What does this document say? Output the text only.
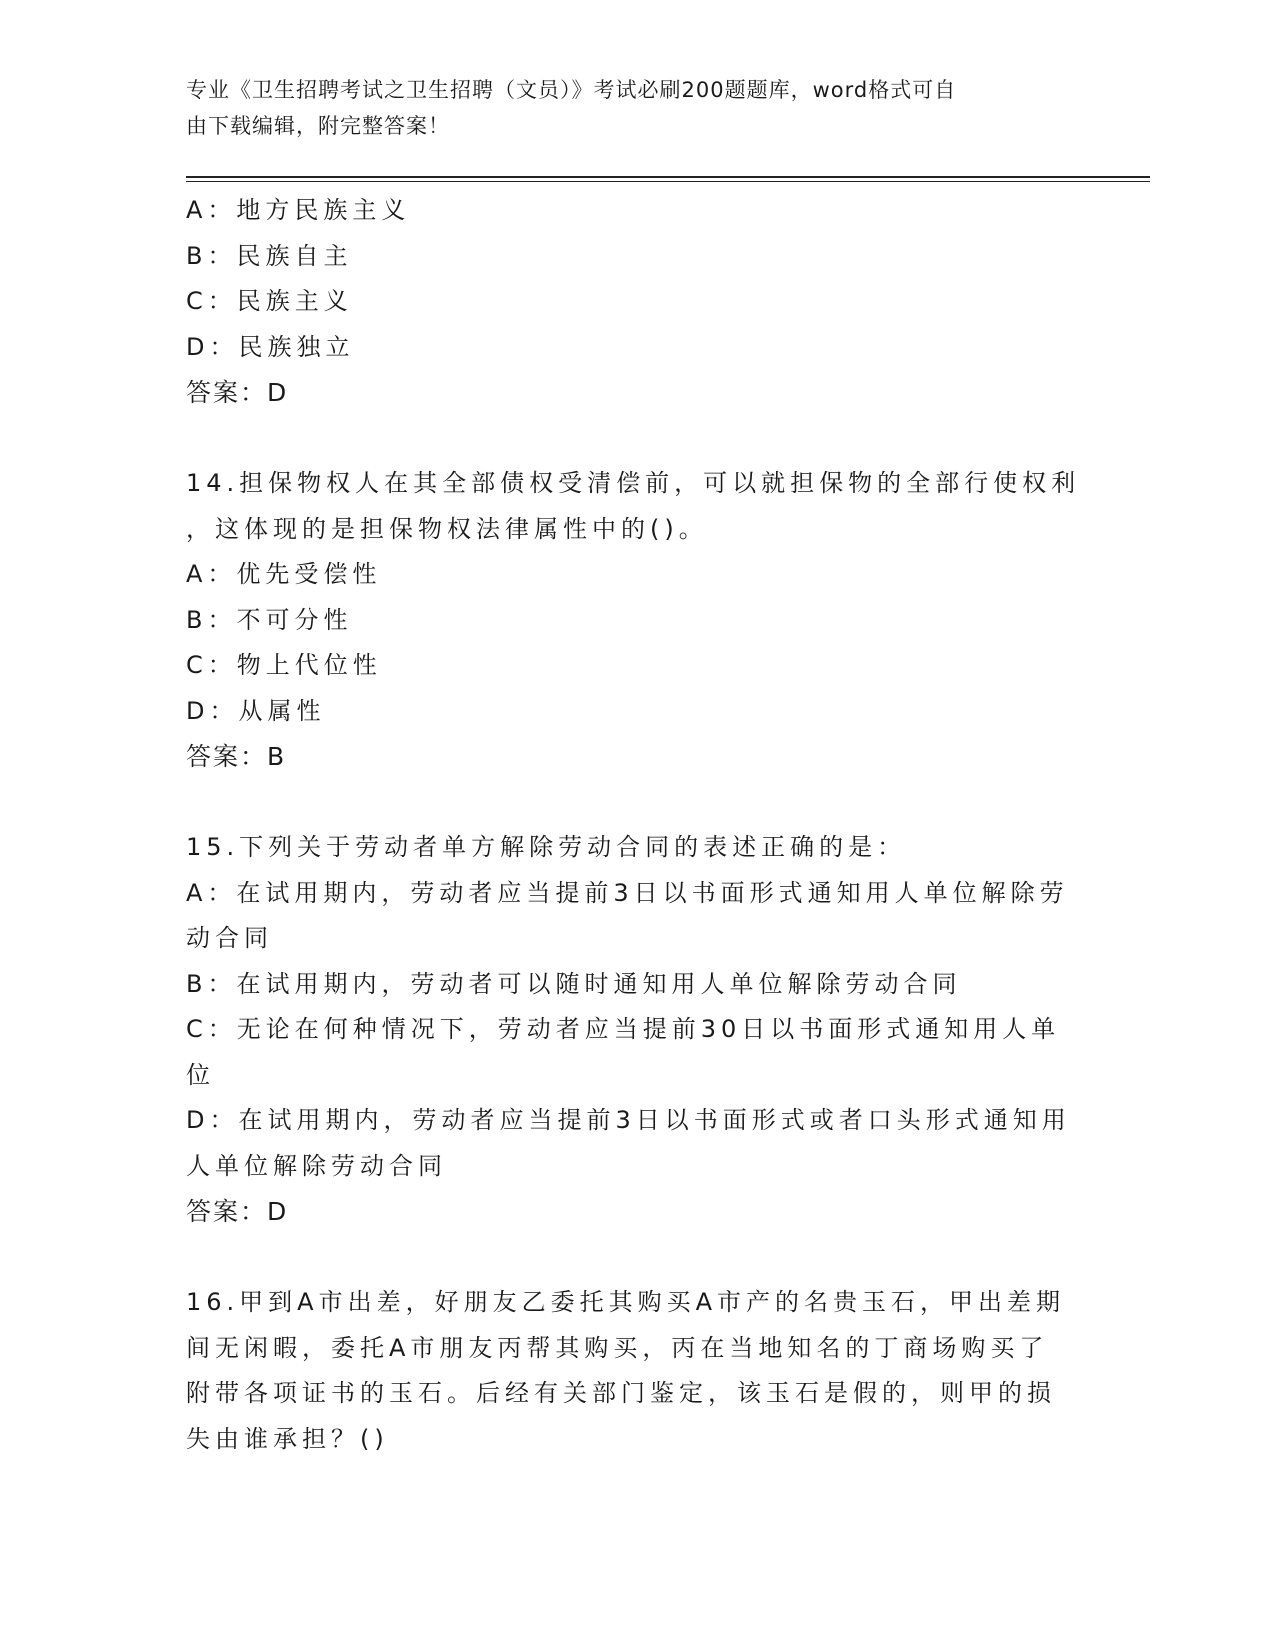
专业《卫生招聘考试之卫生招聘（文员）》考试必刷200题题库，word格式可自
由下载编辑，附完整答案！
A：地方民族主义
B：民族自主
C：民族主义
D：民族独立
答案：D
14.担保物权人在其全部债权受清偿前，可以就担保物的全部行使权利
，这体现的是担保物权法律属性中的()。
A：优先受偿性
B：不可分性
C：物上代位性
D：从属性
答案：B
15.下列关于劳动者单方解除劳动合同的表述正确的是：
A：在试用期内，劳动者应当提前3日以书面形式通知用人单位解除劳
动合同
B：在试用期内，劳动者可以随时通知用人单位解除劳动合同
C：无论在何种情况下，劳动者应当提前30日以书面形式通知用人单
位
D：在试用期内，劳动者应当提前3日以书面形式或者口头形式通知用
人单位解除劳动合同
答案：D
16.甲到A市出差，好朋友乙委托其购买A市产的名贵玉石，甲出差期
间无闲暇，委托A市朋友丙帮其购买，丙在当地知名的丁商场购买了
附带各项证书的玉石。后经有关部门鉴定，该玉石是假的，则甲的损
失由谁承担？()
